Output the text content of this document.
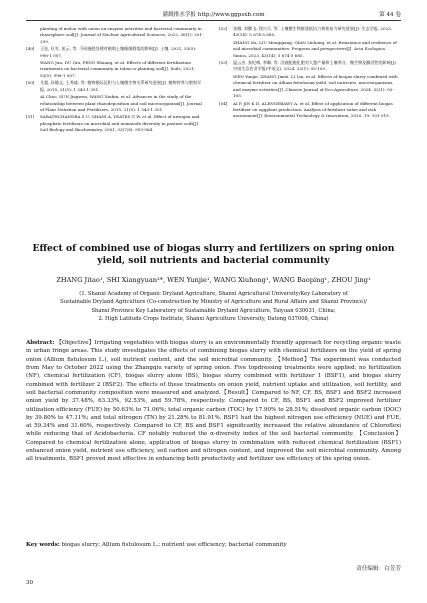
灌溉排水学报 http://www.ggpsxb.com	第 44 卷
planting of melon with onion on enzyme activities and bacterial community in rhizosphere soil[J]. Journal of Nuclear Agricultural Sciences, 2022, 36(1): 201-209.
[49] 王钰, 杜军, 彭云, 等. 不同施肥处理对植烟土壤细菌群落的影响[J]. 土壤, 2021, 53(5): 998-1 007.
WANG Jun, DU Qiu, PENG Shuang, et al. Effects of different fertilization treatments on bacterial community in tobacco-planting soil[J]. Soils, 2021, 53(5): 998-1 007.
[50] 艾超, 孙静文, 王秀斌, 等. 植物根际沉积与土壤微生物关系研究进展[J]. 植物营养与肥料学报, 2015, 21(5): 1 343-1 351.
AI Chao, SUN Jingwen, WANG Xiubin, et al. Advances in the study of the relationship between plant rhizodeposition and soil microorganism[J]. Journal of Plant Nutrition and Fertilizers, 2015, 21(5): 1 343-1 351.
[51] SARATHCHANDRA S U, GHANI A, YEATES G W, et al. Effect of nitrogen and phosphate fertilisers on microbial and nematode diversity in pasture soils[J]. Soil Biology and Biochemistry, 2001, 33(7/8): 953-964.
[52] 张娜, 刘腾飞, 钱兴兵, 等. 土壤微生物群落抵抗力和恢复力研究进展[J]. 生态学报, 2023, 43(14): 5 674-5 685.
ZHANG Na, LIU Mengqiang, QIAN Linhong, et al. Resistance and resilience of soil microbial communities: Progress and perspectives[J]. Acta Ecologica Sinica, 2023, 43(14): 5 674-5 685.
[53] 温云杰, 张纪梅, 李琳, 等. 沼液配施化肥对大葱产量和土壤养分、微生物及酶活性的影响[J]. 中国生态农业学报(中英文), 2024, 32(1): 93-105.
WEN Yunjie, ZHANG Jimei, LI Lin, et al. Effects of biogas slurry combined with chemical fertilizer on Allium fistulosum yield, soil nutrients, microorganisms, and enzyme activities[J]. Chinese Journal of Eco-Agriculture, 2024, 32(1): 93-105.
[54] AI P, JIN K D, ALENGEBAWY A, et al. Effect of application of different biogas fertilizer on eggplant production: Analysis of fertilizer value and risk assessment[J]. Environmental Technology & Innovation, 2020, 19: 101 019.
Effect of combined use of biogas slurry and fertilizers on spring onion yield, soil nutrients and bacterial community
ZHANG Jitao¹, SHI Xiangyuan²*, WEN Yunjie¹, WANG Xiuhong¹, WANG Baoping¹, ZHOU Jing¹
(1. Shanxi Academy of Organic Dryland Agriculture, Shanxi Agricultural University/Key Laboratory of
Sustainable Dryland Agriculture (Co-construction by Ministry of Agriculture and Rural Affairs and Shanxi Province)/
Shanxi Province Key Laboratory of Sustainable Dryland Agriculture, Taiyuan 030031, China;
2. High Latitude Crops Institute, Shanxi Agriculture University, Datong 037008, China)
Abstract: 【Objective】Irrigating vegetables with biogas slurry is an environmentally friendly approach for recycling organic waste in urban fringe areas. This study investigates the effects of combining biogas slurry with chemical fertilizers on the yield of spring onion (Allium fistulosum L.), soil nutrient content, and the soil microbial community. 【Method】The experiment was conducted from May to October 2022 using the Zhangqiu variety of spring onion. Five topdressing treatments were applied: no fertilization (NF), chemical fertilization (CF), biogas slurry alone (BS), biogas slurry combined with fertilizer 1 (BSF1), and biogas slurry combined with fertilizer 2 (BSF2). The effects of these treatments on onion yield, nutrient uptake and utilization, soil fertility, and soil bacterial community composition were measured and analyzed.【Result】Compared to NF, CF, BS, BSF1 and BSF2 increased onion yield by 37.48%, 63.33%, 92.53%, and 59.78%, respectively. Compared to CF, BS, BSF1 and BSF2 improved fertilizer utilization efficiency (FUE) by 50.63% to 71.06%; total organic carbon (TOC) by 17.90% to 28.51%; dissolved organic carbon (DOC) by 39.80% to 47.11%; and total nitrogen (TN) by 21.28% to 81.91%. BSF1 had the highest nitrogen use efficiency (NUE) and FUE, at 59.34% and 31.60%, respectively. Compared to CF, BS and BSF1 significantly increased the relative abundance of Chloroflexi while reducing that of Acidobacteria. CF notably reduced the α-diversity index of the soil bacterial community. 【Conclusion】Compared to chemical fertilization alone, application of biogas slurry in combination with reduced chemical fertilization (BSF1) enhanced onion yield, nutrient use efficiency, soil carbon and nitrogen content, and improved the soil microbial community. Among all treatments, BSF1 proved most effective in enhancing both productivity and fertilizer use efficiency of the spring onion.
Key words: biogas slurry; Allium fistulosum L.; nutrient use efficiency; bacterial community
责任编辑：白芳芳
30
